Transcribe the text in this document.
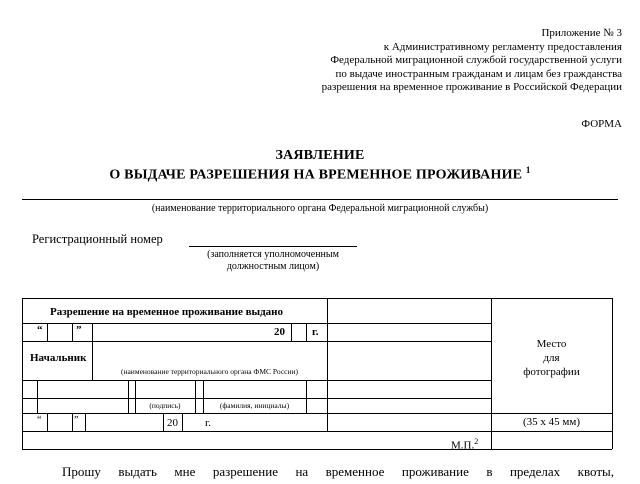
Приложение № 3
к Административному регламенту предоставления
Федеральной миграционной службой государственной услуги
по выдаче иностранным гражданам и лицам без гражданства
разрешения на временное проживание в Российской Федерации
ФОРМА
ЗАЯВЛЕНИЕ
О ВЫДАЧЕ РАЗРЕШЕНИЯ НА ВРЕМЕННОЕ ПРОЖИВАНИЕ $^1$
(наименование территориального органа Федеральной миграционной службы)
Регистрационный номер
(заполняется уполномоченным
должностным лицом)
Разрешение на временное проживание выдано
“	”	20 г.
Начальник
(наименование территориального органа ФМС России)
(подпись)	(фамилия, инициалы)
“	”	20 г.
М.П.$^2$
Место
для
фотографии
(35 x 45 мм)
Прошу выдать мне разрешение на временное проживание в пределах квоты,
